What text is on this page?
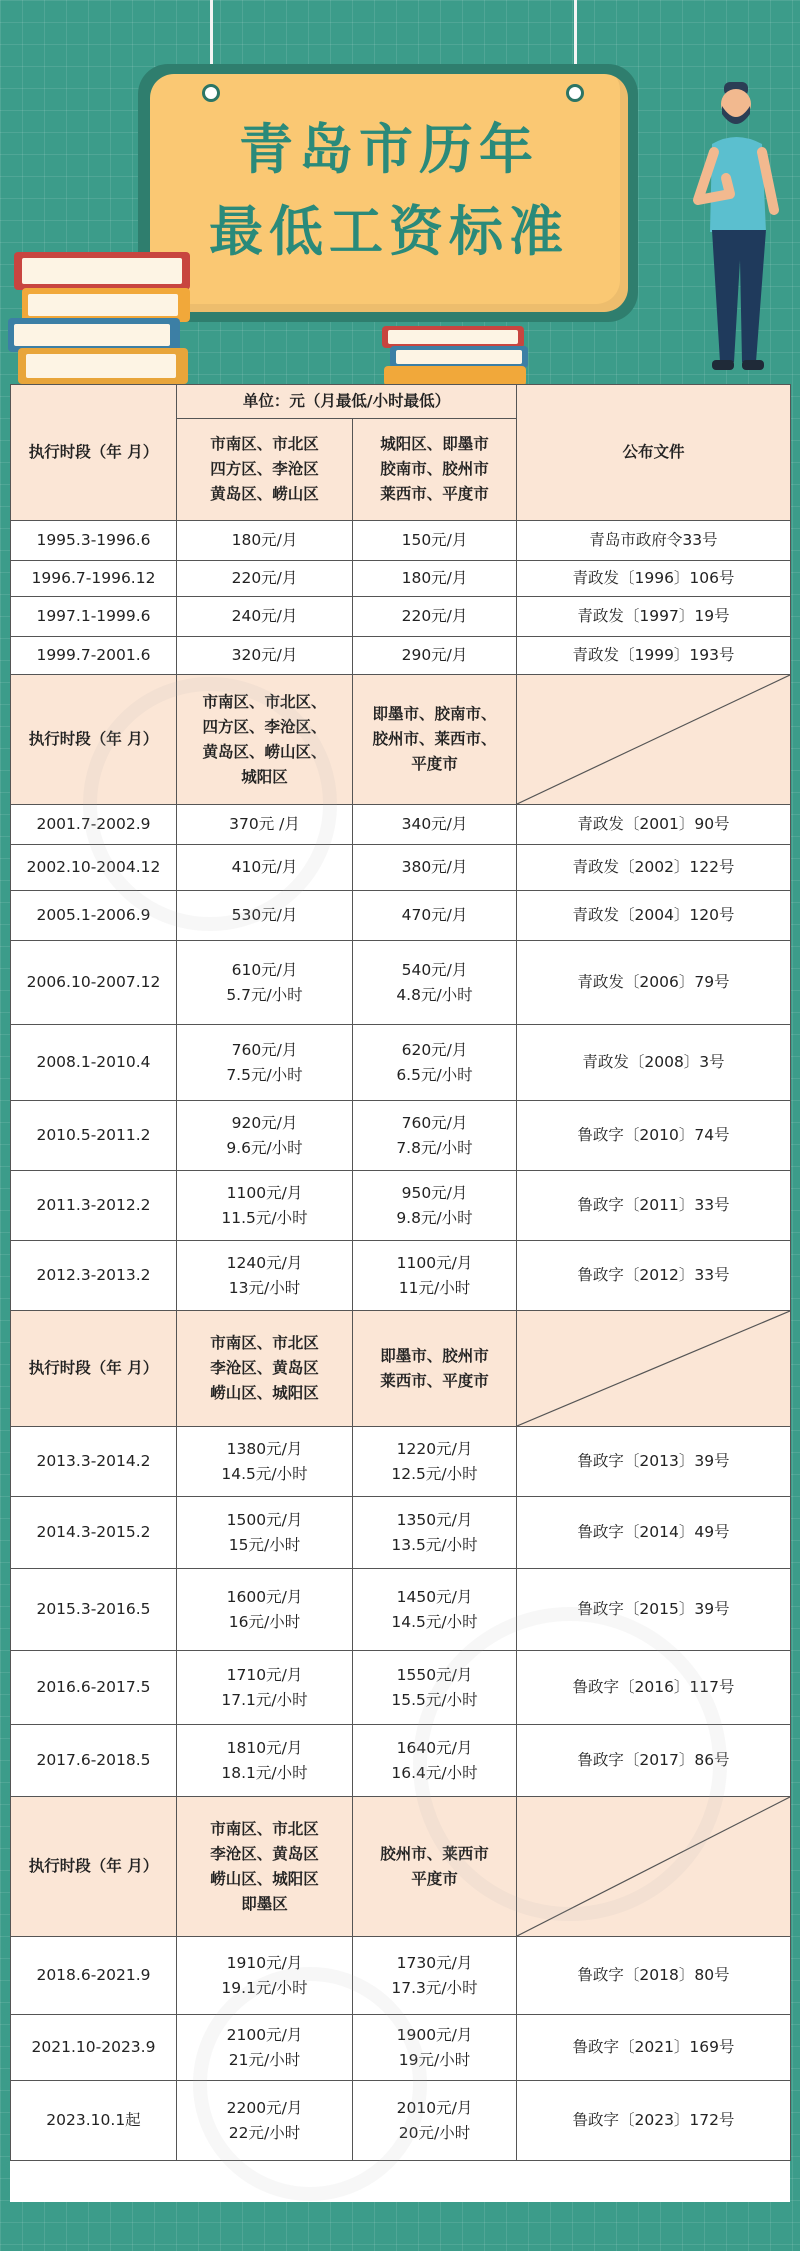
青岛市历年
最低工资标准
执行时段（年 月）	单位：元（月最低/小时最低）		公布文件
	市南区、市北区
四方区、李沧区
黄岛区、崂山区	城阳区、即墨市
胶南市、胶州市
莱西市、平度市	
1995.3-1996.6	180元/月	150元/月	青岛市政府令33号
1996.7-1996.12	220元/月	180元/月	青政发〔1996〕106号
1997.1-1999.6	240元/月	220元/月	青政发〔1997〕19号
1999.7-2001.6	320元/月	290元/月	青政发〔1999〕193号
执行时段（年 月）	市南区、市北区、
四方区、李沧区、
黄岛区、崂山区、
城阳区	即墨市、胶南市、
胶州市、莱西市、
平度市	

2001.7-2002.9	370元 /月	340元/月	青政发〔2001〕90号
2002.10-2004.12	410元/月	380元/月	青政发〔2002〕122号
2005.1-2006.9	530元/月	470元/月	青政发〔2004〕120号
2006.10-2007.12	610元/月
5.7元/小时	540元/月
4.8元/小时	青政发〔2006〕79号
2008.1-2010.4	760元/月
7.5元/小时	620元/月
6.5元/小时	青政发〔2008〕3号
2010.5-2011.2	920元/月
9.6元/小时	760元/月
7.8元/小时	鲁政字〔2010〕74号
2011.3-2012.2	1100元/月
11.5元/小时	950元/月
9.8元/小时	鲁政字〔2011〕33号
2012.3-2013.2	1240元/月
13元/小时	1100元/月
11元/小时	鲁政字〔2012〕33号
执行时段（年 月）	市南区、市北区
李沧区、黄岛区
崂山区、城阳区	即墨市、胶州市
莱西市、平度市	

2013.3-2014.2	1380元/月
14.5元/小时	1220元/月
12.5元/小时	鲁政字〔2013〕39号
2014.3-2015.2	1500元/月
15元/小时	1350元/月
13.5元/小时	鲁政字〔2014〕49号
2015.3-2016.5	1600元/月
16元/小时	1450元/月
14.5元/小时	鲁政字〔2015〕39号
2016.6-2017.5	1710元/月
17.1元/小时	1550元/月
15.5元/小时	鲁政字〔2016〕117号
2017.6-2018.5	1810元/月
18.1元/小时	1640元/月
16.4元/小时	鲁政字〔2017〕86号
执行时段（年 月）	市南区、市北区
李沧区、黄岛区
崂山区、城阳区
即墨区	胶州市、莱西市
平度市	

2018.6-2021.9	1910元/月
19.1元/小时	1730元/月
17.3元/小时	鲁政字〔2018〕80号
2021.10-2023.9	2100元/月
21元/小时	1900元/月
19元/小时	鲁政字〔2021〕169号
2023.10.1起	2200元/月
22元/小时	2010元/月
20元/小时	鲁政字〔2023〕172号
